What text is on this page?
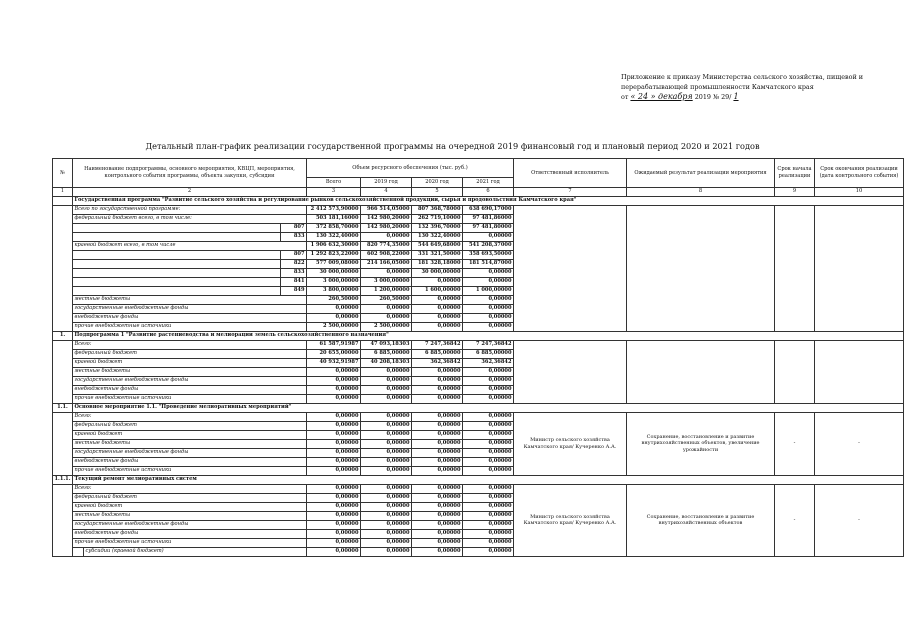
Приложение к приказу Министерства сельского хозяйства, пищевой и
перерабатывающей промышленности Камчатского края
от « 24 » декабря 2019 № 29/ 1
Детальный план-график реализации государственной программы на очередной 2019 финансовый год и плановый период 2020 и 2021 годов
№	Наименование подпрограммы, основного мероприятия, КВЦП, мероприятия, контрольного события программы, объекта закупки, субсидии			Объем ресурсного обеспечения (тыс. руб.)				Ответственный исполнитель	Ожидаемый результат реализации мероприятия	Срок начала реализации	Срок окончания реализации (дата контрольного события)
				Всего	2019 год	2020 год	2021 год				
1	2			3	4	5	6	7	8	9	10
	Государственная программа "Развитие сельского хозяйства и регулирование рынков сельскохозяйственной продукции, сырья и продовольствия Камчатского края"										
	Всего по государственной программе:			2 412 573,90000	966 514,05000	807 368,78000	638 690,17000				
	федеральный бюджет всего, в том числе:			503 181,16000	142 980,20000	262 719,10000	97 481,86000				
			807	372 858,70000	142 980,20000	132 396,70000	97 481,80000				
			833	130 322,40000	0,00000	130 322,40000	0,00000				
	краевой бюджет всего, в том числе			1 906 632,30000	820 774,35000	544 649,68000	541 208,37000				
			807	1 292 823,22000	602 908,22000	331 321,50000	358 693,50000				
			822	577 009,08000	214 166,05000	181 328,18000	181 514,87000				
			833	30 000,00000	0,00000	30 000,00000	0,00000				
			841	3 000,00000	3 000,00000	0,00000	0,00000				
			849	3 800,00000	1 200,00000	1 600,00000	1 000,00000				
	местные бюджеты			260,50000	260,50000	0,00000	0,00000				
	государственные внебюджетные фонды			0,00000	0,00000	0,00000	0,00000				
	внебюджетные фонды			0,00000	0,00000	0,00000	0,00000				
	прочие внебюджетные источники			2 500,00000	2 500,00000	0,00000	0,00000				
1.	Подпрограмма 1 "Развитие растениеводства и мелиорации земель сельскохозяйственного назначения"										
	Всего:			61 587,91987	47 093,18303	7 247,36842	7 247,36842				
	федеральный бюджет			20 655,00000	6 885,00000	6 885,00000	6 885,00000				
	краевой бюджет			40 932,91987	40 208,18303	362,36842	362,36842				
	местные бюджеты			0,00000	0,00000	0,00000	0,00000				
	государственные внебюджетные фонды			0,00000	0,00000	0,00000	0,00000				
	внебюджетные фонды			0,00000	0,00000	0,00000	0,00000				
	прочие внебюджетные источники			0,00000	0,00000	0,00000	0,00000				
1.1.	Основное мероприятие 1.1. "Проведение мелиоративных мероприятий"										
	Всего:			0,00000	0,00000	0,00000	0,00000	Министр сельского хозяйства Камчатского края/ Кучеренко А.А.	Сохранение, восстановление и развитие внутрихозяйственных объектов, увеличение урожайности	-	-
	федеральный бюджет			0,00000	0,00000	0,00000	0,00000				
	краевой бюджет			0,00000	0,00000	0,00000	0,00000				
	местные бюджеты			0,00000	0,00000	0,00000	0,00000				
	государственные внебюджетные фонды			0,00000	0,00000	0,00000	0,00000				
	внебюджетные фонды			0,00000	0,00000	0,00000	0,00000				
	прочие внебюджетные источники			0,00000	0,00000	0,00000	0,00000				
1.1.1.	Текущий ремонт мелиоративных систем										
	Всего:			0,00000	0,00000	0,00000	0,00000	Министр сельского хозяйства Камчатского края/ Кучеренко А.А.	Сохранение, восстановление и развитие внутрихозяйственных объектов	-	-
	федеральный бюджет			0,00000	0,00000	0,00000	0,00000				
	краевой бюджет			0,00000	0,00000	0,00000	0,00000				
	местные бюджеты			0,00000	0,00000	0,00000	0,00000				
	государственные внебюджетные фонды			0,00000	0,00000	0,00000	0,00000				
	внебюджетные фонды			0,00000	0,00000	0,00000	0,00000				
	прочие внебюджетные источники			0,00000	0,00000	0,00000	0,00000				
		субсидии (краевой бюджет)		0,00000	0,00000	0,00000	0,00000				
